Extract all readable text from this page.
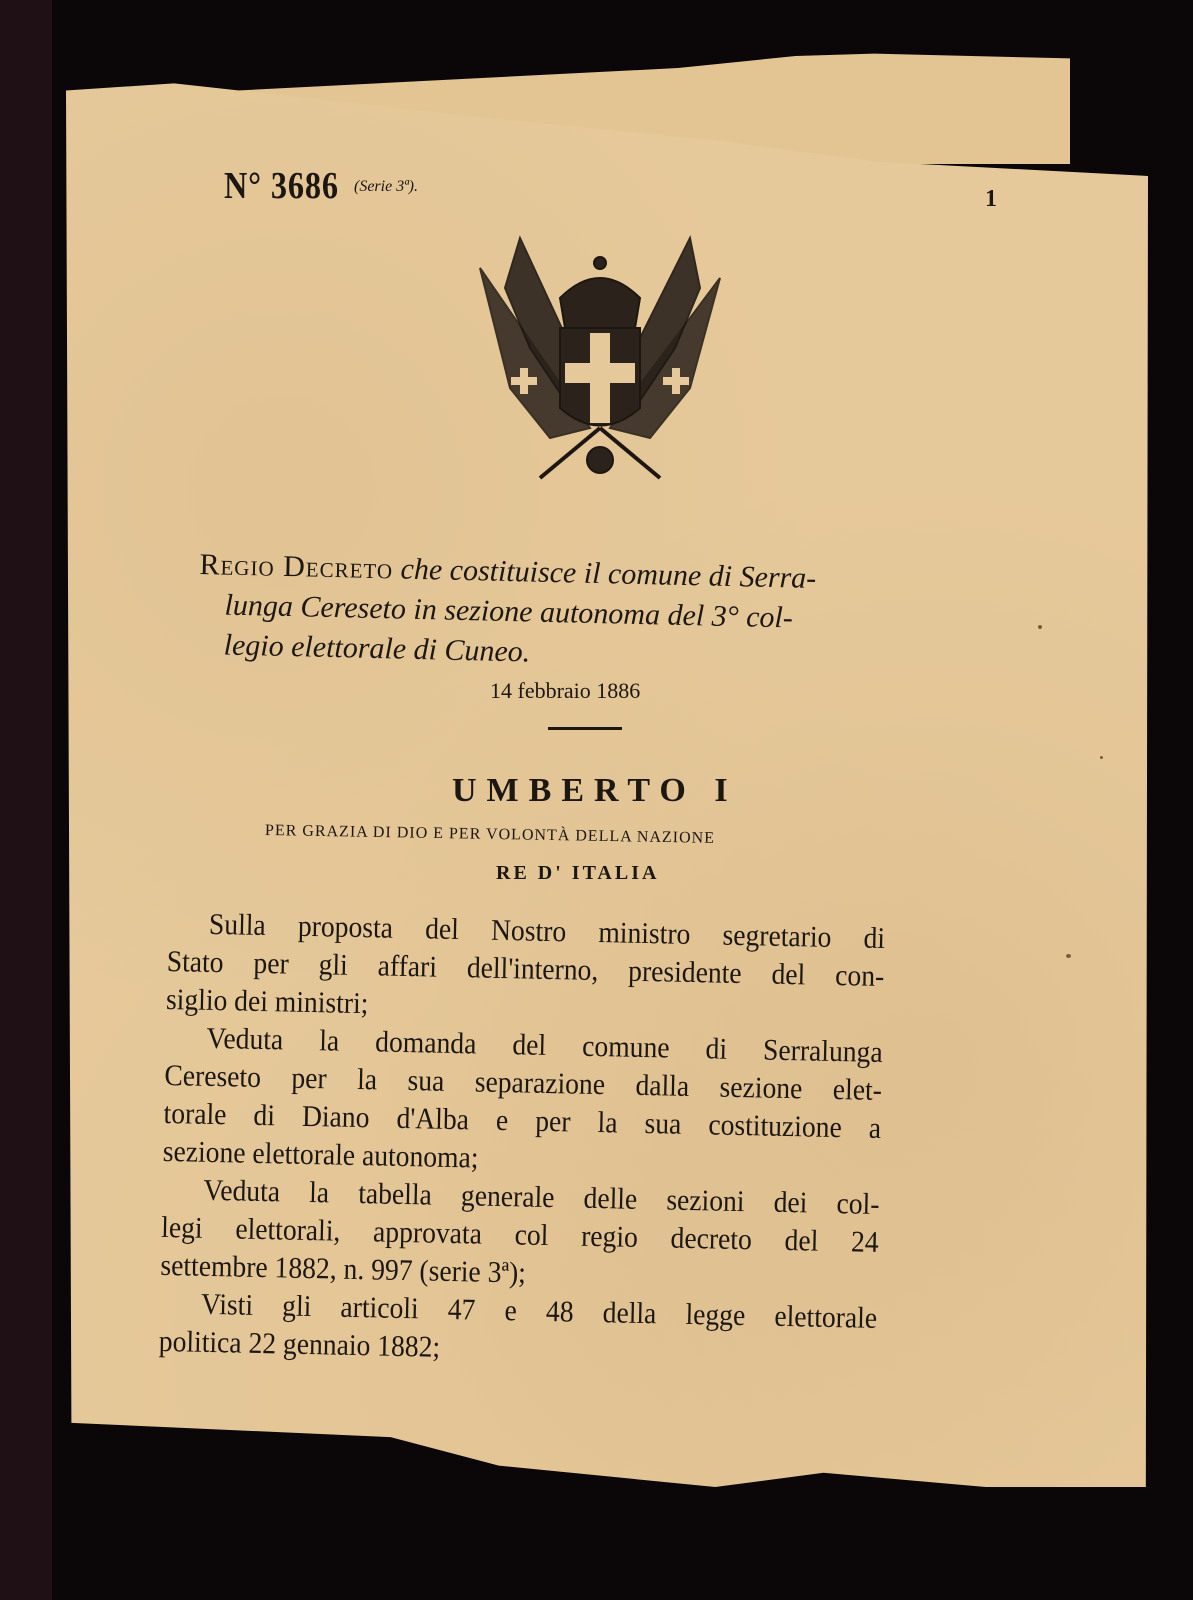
N° 3686 (Serie 3ª).	1
Regio Decreto che costituisce il comune di Serra-
lunga Cereseto in sezione autonoma del 3° col-
legio elettorale di Cuneo.
14 febbraio 1886
UMBERTO I
PER GRAZIA DI DIO E PER VOLONTÀ DELLA NAZIONE
RE D' ITALIA

Sulla proposta del Nostro ministro segretario di

Stato per gli affari dell'interno, presidente del con-

siglio dei ministri;

Veduta la domanda del comune di Serralunga

Cereseto per la sua separazione dalla sezione elet-

torale di Diano d'Alba e per la sua costituzione a

sezione elettorale autonoma;

Veduta la tabella generale delle sezioni dei col-

legi elettorali, approvata col regio decreto del 24

settembre 1882, n. 997 (serie 3ª);

Visti gli articoli 47 e 48 della legge elettorale

politica 22 gennaio 1882;
